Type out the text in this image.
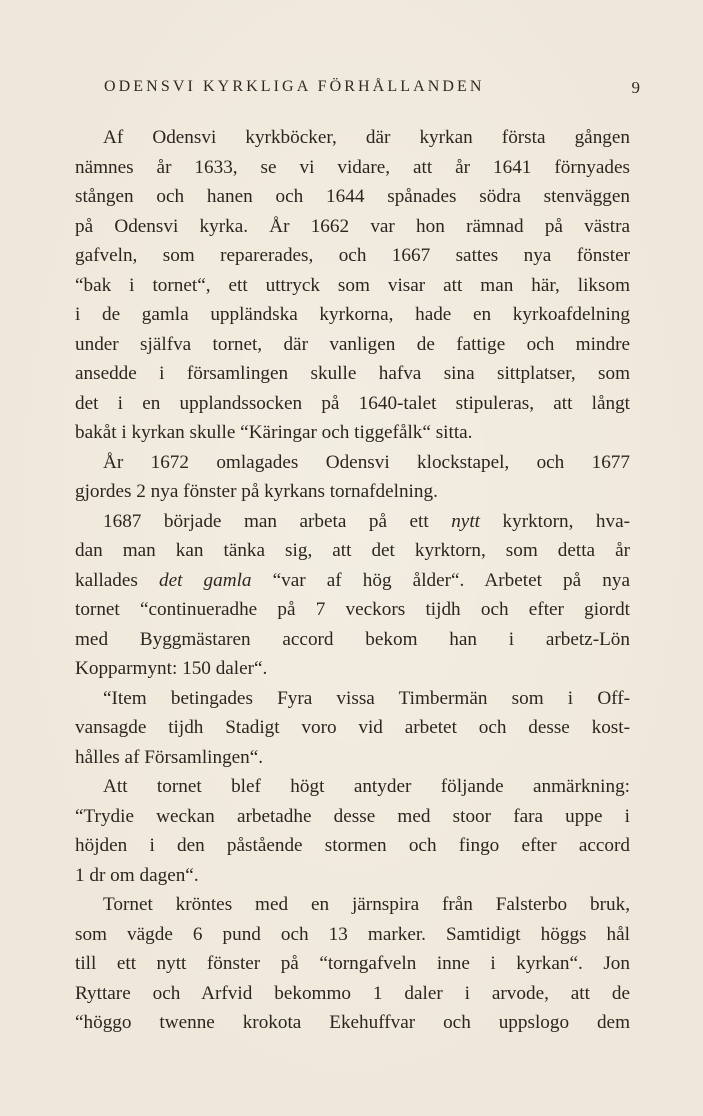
ODENSVI KYRKLIGA FÖRHÅLLANDEN	9
Af Odensvi kyrkböcker, där kyrkan första gången
nämnes år 1633, se vi vidare, att år 1641 förnyades
stången och hanen och 1644 spånades södra stenväggen
på Odensvi kyrka. År 1662 var hon rämnad på västra
gafveln, som reparerades, och 1667 sattes nya fönster
“bak i tornet“, ett uttryck som visar att man här, liksom
i de gamla uppländska kyrkorna, hade en kyrkoafdelning
under själfva tornet, där vanligen de fattige och mindre
ansedde i församlingen skulle hafva sina sittplatser, som
det i en upplandssocken på 1640-talet stipuleras, att långt
bakåt i kyrkan skulle “Käringar och tiggefålk“ sitta.
År 1672 omlagades Odensvi klockstapel, och 1677
gjordes 2 nya fönster på kyrkans tornafdelning.
1687 började man arbeta på ett nytt kyrktorn, hva-
dan man kan tänka sig, att det kyrktorn, som detta år
kallades det gamla “var af hög ålder“. Arbetet på nya
tornet “continueradhe på 7 veckors tijdh och efter giordt
med Byggmästaren accord bekom han i arbetz-Lön
Kopparmynt: 150 daler“.
“Item betingades Fyra vissa Timbermän som i Off-
vansagde tijdh Stadigt voro vid arbetet och desse kost-
hålles af Församlingen“.
Att tornet blef högt antyder följande anmärkning:
“Trydie weckan arbetadhe desse med stoor fara uppe i
höjden i den påstående stormen och fingo efter accord
1 dr om dagen“.
Tornet kröntes med en järnspira från Falsterbo bruk,
som vägde 6 pund och 13 marker. Samtidigt höggs hål
till ett nytt fönster på “torngafveln inne i kyrkan“. Jon
Ryttare och Arfvid bekommo 1 daler i arvode, att de
“höggo twenne krokota Ekehuffvar och uppslogo dem
